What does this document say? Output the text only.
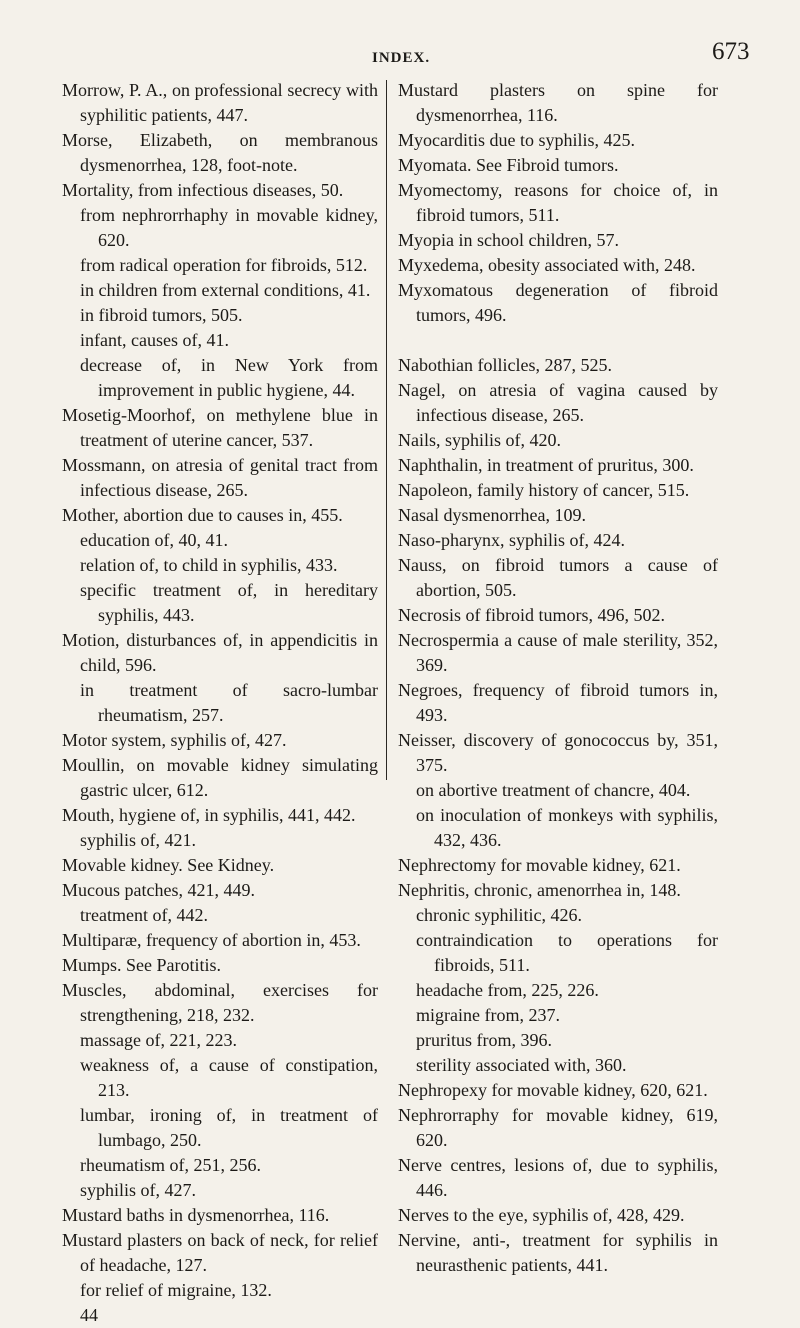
INDEX.	673
Morrow, P. A., on professional secrecy with syphilitic patients, 447.
Morse, Elizabeth, on membranous dysmenorrhea, 128, foot-note.
Mortality, from infectious diseases, 50.
from nephrorrhaphy in movable kidney, 620.
from radical operation for fibroids, 512.
in children from external conditions, 41.
in fibroid tumors, 505.
infant, causes of, 41.
decrease of, in New York from improvement in public hygiene, 44.
Mosetig-Moorhof, on methylene blue in treatment of uterine cancer, 537.
Mossmann, on atresia of genital tract from infectious disease, 265.
Mother, abortion due to causes in, 455.
education of, 40, 41.
relation of, to child in syphilis, 433.
specific treatment of, in hereditary syphilis, 443.
Motion, disturbances of, in appendicitis in child, 596.
in treatment of sacro-lumbar rheumatism, 257.
Motor system, syphilis of, 427.
Moullin, on movable kidney simulating gastric ulcer, 612.
Mouth, hygiene of, in syphilis, 441, 442.
syphilis of, 421.
Movable kidney. See Kidney.
Mucous patches, 421, 449.
treatment of, 442.
Multiparæ, frequency of abortion in, 453.
Mumps. See Parotitis.
Muscles, abdominal, exercises for strengthening, 218, 232.
massage of, 221, 223.
weakness of, a cause of constipation, 213.
lumbar, ironing of, in treatment of lumbago, 250.
rheumatism of, 251, 256.
syphilis of, 427.
Mustard baths in dysmenorrhea, 116.
Mustard plasters on back of neck, for relief of headache, 127.
for relief of migraine, 132.
44
Mustard plasters on spine for dysmenorrhea, 116.
Myocarditis due to syphilis, 425.
Myomata. See Fibroid tumors.
Myomectomy, reasons for choice of, in fibroid tumors, 511.
Myopia in school children, 57.
Myxedema, obesity associated with, 248.
Myxomatous degeneration of fibroid tumors, 496.
Nabothian follicles, 287, 525.
Nagel, on atresia of vagina caused by infectious disease, 265.
Nails, syphilis of, 420.
Naphthalin, in treatment of pruritus, 300.
Napoleon, family history of cancer, 515.
Nasal dysmenorrhea, 109.
Naso-pharynx, syphilis of, 424.
Nauss, on fibroid tumors a cause of abortion, 505.
Necrosis of fibroid tumors, 496, 502.
Necrospermia a cause of male sterility, 352, 369.
Negroes, frequency of fibroid tumors in, 493.
Neisser, discovery of gonococcus by, 351, 375.
on abortive treatment of chancre, 404.
on inoculation of monkeys with syphilis, 432, 436.
Nephrectomy for movable kidney, 621.
Nephritis, chronic, amenorrhea in, 148.
chronic syphilitic, 426.
contraindication to operations for fibroids, 511.
headache from, 225, 226.
migraine from, 237.
pruritus from, 396.
sterility associated with, 360.
Nephropexy for movable kidney, 620, 621.
Nephrorraphy for movable kidney, 619, 620.
Nerve centres, lesions of, due to syphilis, 446.
Nerves to the eye, syphilis of, 428, 429.
Nervine, anti-, treatment for syphilis in neurasthenic patients, 441.
